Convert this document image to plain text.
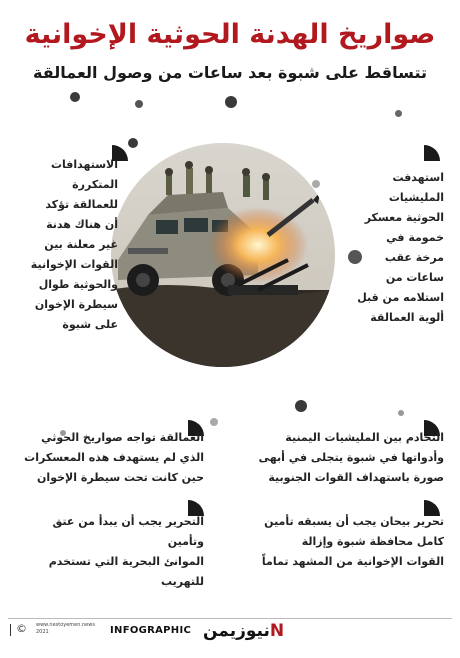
صواريخ الهدنة الحوثية الإخوانية
تتساقط على شبوة بعد ساعات من وصول العمالقة
الاستهدافات
المتكررة
للعمالقة تؤكد
أن هناك هدنة
غير معلنة بين
القوات الإخوانية
والحوثية طوال
سيطرة الإخوان
على شبوة
استهدفت
المليشيات
الحوثية معسكر
خمومة في
مرخة عقب
ساعات من
استلامه من قبل
ألوية العمالقة
العمالقة تواجه صواريخ الحوثي
الذي لم يستهدف هذه المعسكرات
حين كانت تحت سيطرة الإخوان
التخادم بين المليشيات اليمنية
وأدواتها في شبوة يتجلى في أبهى
صورة باستهداف القوات الجنوبية
التحرير يجب أن يبدأ من عتق وتأمين
الموانئ البحرية التي تستخدم
للتهريب
تحرير بيحان يجب أن يسبقه تأمين
كامل محافظة شبوة وإزالة
القوات الإخوانية من المشهد تماماً
© www.nestoyemen.news
2021	INFOGRAPHIC	Nنيوزيمن
